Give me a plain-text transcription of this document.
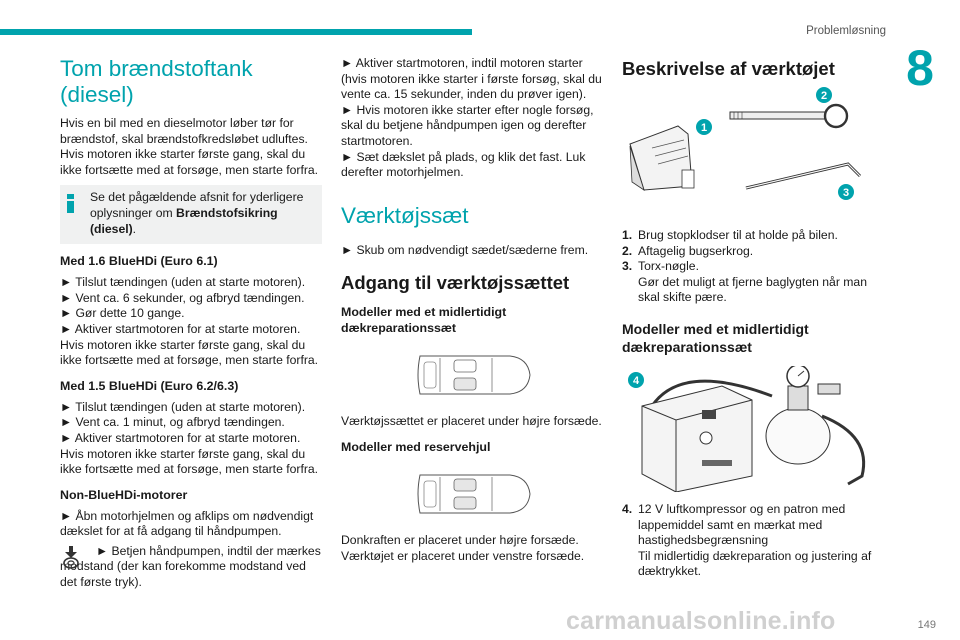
Problemløsning
8
Tom brændstoftank
(diesel)

Hvis en bil med en dieselmotor løber tør for brændstof, skal brændstofkredsløbet udluftes. Hvis motoren ikke starter første gang, skal du ikke fortsætte med at forsøge, men starte forfra.

Se det pågældende afsnit for yderligere oplysninger om Brændstofsikring (diesel).

Med 1.6 BlueHDi (Euro 6.1)

► Tilslut tændingen (uden at starte motoren).

► Vent ca. 6 sekunder, og afbryd tændingen.

► Gør dette 10 gange.

► Aktiver startmotoren for at starte motoren.

Hvis motoren ikke starter første gang, skal du ikke fortsætte med at forsøge, men starte forfra.

Med 1.5 BlueHDi (Euro 6.2/6.3)

► Tilslut tændingen (uden at starte motoren).

► Vent ca. 1 minut, og afbryd tændingen.

► Aktiver startmotoren for at starte motoren.

Hvis motoren ikke starter første gang, skal du ikke fortsætte med at forsøge, men starte forfra.

Non-BlueHDi-motorer

► Åbn motorhjelmen og afklips om nødvendigt dækslet for at få adgang til håndpumpen.

► Betjen håndpumpen, indtil der mærkes modstand (der kan forekomme modstand ved det første tryk).

► Aktiver startmotoren, indtil motoren starter (hvis motoren ikke starter i første forsøg, skal du vente ca. 15 sekunder, inden du prøver igen).

► Hvis motoren ikke starter efter nogle forsøg, skal du betjene håndpumpen igen og derefter startmotoren.

► Sæt dækslet på plads, og klik det fast. Luk derefter motorhjelmen.

Værktøjssæt

► Skub om nødvendigt sædet/sæderne frem.

Adgang til værktøjssættet
Modeller med et midlertidigt dækreparationssæt

Værktøjssættet er placeret under højre forsæde.

Modeller med reservehjul

Donkraften er placeret under højre forsæde.

Værktøjet er placeret under venstre forsæde.

Beskrivelse af værktøjet
1
2
3
1. Brug stopklodser til at holde på bilen.
2. Aftagelig bugserkrog.
3. Torx-nøgle.
Gør det muligt at fjerne baglygten når man skal skifte pære.
Modeller med et midlertidigt dækreparationssæt
4
4. 12 V luftkompressor og en patron med lappemiddel samt en mærkat med hastighedsbegrænsning

Til midlertidig dækreparation og justering af dæktrykket.

carmanualsonline.info	149
